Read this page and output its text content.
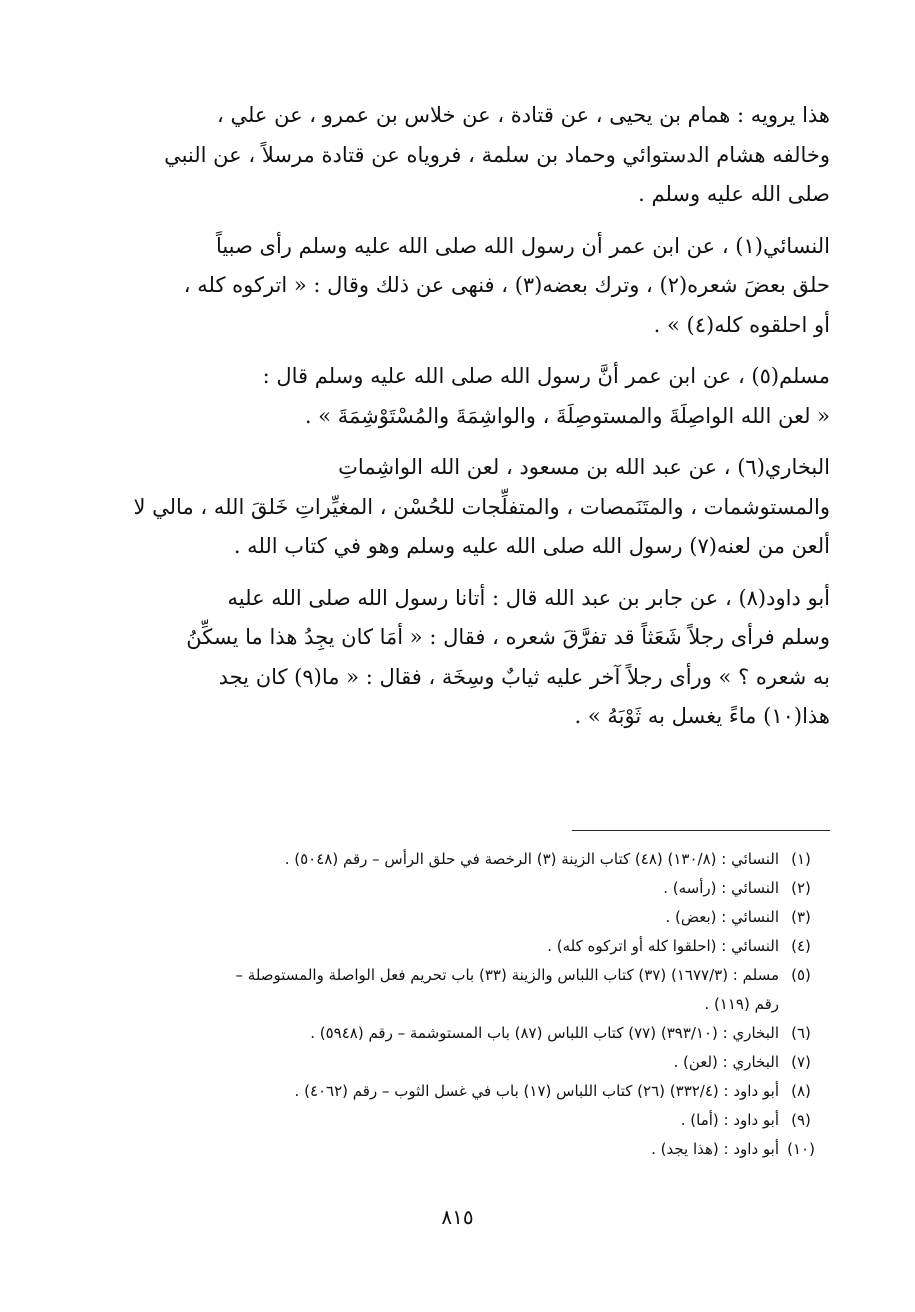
هذا يرويه : همام بن يحيى ، عن قتادة ، عن خلاس بن عمرو ، عن علي ،
وخالفه هشام الدستوائي وحماد بن سلمة ، فروياه عن قتادة مرسلاً ، عن النبي
صلى الله عليه وسلم .
النسائي(١) ، عن ابن عمر أن رسول الله صلى الله عليه وسلم رأى صبياً
حلق بعضَ شعره(٢) ، وترك بعضه(٣) ، فنهى عن ذلك وقال : « اتركوه كله ،
أو احلقوه كله(٤) » .
مسلم(٥) ، عن ابن عمر أنَّ رسول الله صلى الله عليه وسلم قال :
« لعن الله الواصِلَةَ والمستوصِلَةَ ، والواشِمَةَ والمُسْتَوْشِمَةَ » .
البخاري(٦) ، عن عبد الله بن مسعود ، لعن الله الواشِماتِ
والمستوشمات ، والمتَنَمصات ، والمتفلِّجات للحُسْن ، المغيِّراتِ خَلقَ الله ، مالي لا
ألعن من لعنه(٧) رسول الله صلى الله عليه وسلم وهو في كتاب الله .
أبو داود(٨) ، عن جابر بن عبد الله قال : أتانا رسول الله صلى الله عليه
وسلم فرأى رجلاً شَعَثاً قد تفرَّقَ شعره ، فقال : « أمَا كان يجِدُ هذا ما يسكِّنُ
به شعره ؟ » ورأى رجلاً آخر عليه ثيابٌ وسِخَة ، فقال : « ما(٩) كان يجد
هذا(١٠) ماءً يغسل به ثَوْبَهُ » .
(١)
النسائي : (١٣٠/٨) (٤٨) كتاب الزينة (٣) الرخصة في حلق الرأس – رقم (٥٠٤٨) .
(٢)
النسائي : (رأسه) .
(٣)
النسائي : (بعض) .
(٤)
النسائي : (احلقوا كله أو اتركوه كله) .
(٥)
مسلم : (١٦٧٧/٣) (٣٧) كتاب اللباس والزينة (٣٣) باب تحريم فعل الواصلة والمستوصلة –
رقم (١١٩) .
(٦)
البخاري : (٣٩٣/١٠) (٧٧) كتاب اللباس (٨٧) باب المستوشمة – رقم (٥٩٤٨) .
(٧)
البخاري : (لعن) .
(٨)
أبو داود : (٣٣٢/٤) (٢٦) كتاب اللباس (١٧) باب في غسل الثوب – رقم (٤٠٦٢) .
(٩)
أبو داود : (أما) .
(١٠)
أبو داود : (هذا يجد) .
٨١٥
